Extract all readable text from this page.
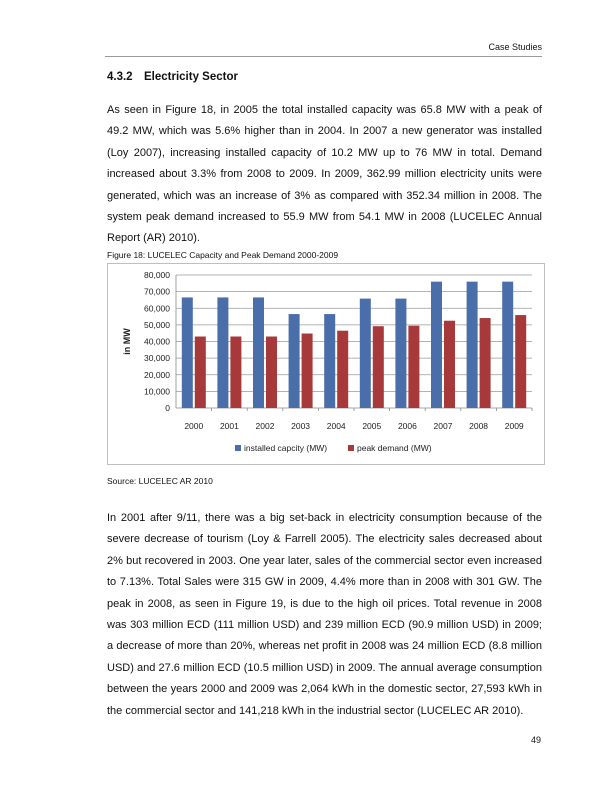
Case Studies
4.3.2 Electricity Sector
As seen in Figure 18, in 2005 the total installed capacity was 65.8 MW with a peak of 49.2 MW, which was 5.6% higher than in 2004. In 2007 a new generator was installed (Loy 2007), increasing installed capacity of 10.2 MW up to 76 MW in total. Demand increased about 3.3% from 2008 to 2009. In 2009, 362.99 million electricity units were generated, which was an increase of 3% as compared with 352.34 million in 2008. The system peak demand increased to 55.9 MW from 54.1 MW in 2008 (LUCELEC Annual Report (AR) 2010).
Figure 18: LUCELEC Capacity and Peak Demand 2000-2009
0
10,000
20,000
30,000
40,000
50,000
60,000
70,000
80,000
in MW
2000 2001 2002 2003 2004 2005 2006 2007 2008 2009
installed capcity (MW)	peak demand (MW)
Source: LUCELEC AR 2010
In 2001 after 9/11, there was a big set-back in electricity consumption because of the severe decrease of tourism (Loy & Farrell 2005). The electricity sales decreased about 2% but recovered in 2003. One year later, sales of the commercial sector even increased to 7.13%. Total Sales were 315 GW in 2009, 4.4% more than in 2008 with 301 GW. The peak in 2008, as seen in Figure 19, is due to the high oil prices. Total revenue in 2008 was 303 million ECD (111 million USD) and 239 million ECD (90.9 million USD) in 2009; a decrease of more than 20%, whereas net profit in 2008 was 24 million ECD (8.8 million USD) and 27.6 million ECD (10.5 million USD) in 2009. The annual average consumption between the years 2000 and 2009 was 2,064 kWh in the domestic sector, 27,593 kWh in the commercial sector and 141,218 kWh in the industrial sector (LUCELEC AR 2010).
49
